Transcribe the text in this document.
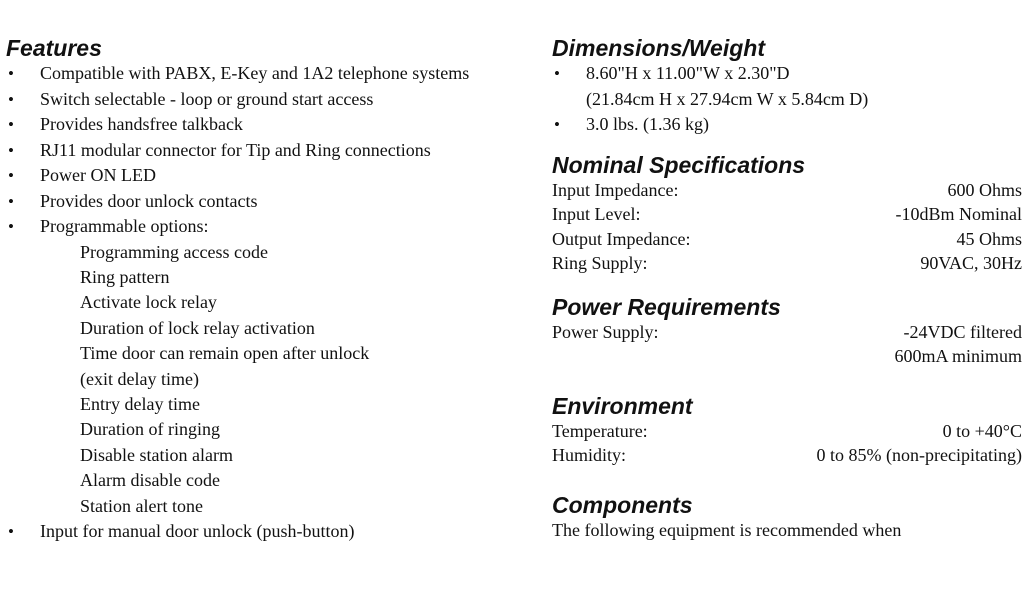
Features
• Compatible with PABX, E-Key and 1A2 telephone systems
• Switch selectable - loop or ground start access
• Provides handsfree talkback
• RJ11 modular connector for Tip and Ring connections
• Power ON LED
• Provides door unlock contacts
• Programmable options:
Programming access code
Ring pattern
Activate lock relay
Duration of lock relay activation
Time door can remain open after unlock
(exit delay time)
Entry delay time
Duration of ringing
Disable station alarm
Alarm disable code
Station alert tone
• Input for manual door unlock (push-button)
Dimensions/Weight
• 8.60"H x 11.00"W x 2.30"D
(21.84cm H x 27.94cm W x 5.84cm D)
• 3.0 lbs. (1.36 kg)
Nominal Specifications
Input Impedance:	600 Ohms
Input Level:	-10dBm Nominal
Output Impedance:	45 Ohms
Ring Supply:	90VAC, 30Hz
Power Requirements
Power Supply:	-24VDC filtered
600mA minimum
Environment
Temperature:	0 to +40°C
Humidity:	0 to 85% (non-precipitating)
Components
The following equipment is recommended when
